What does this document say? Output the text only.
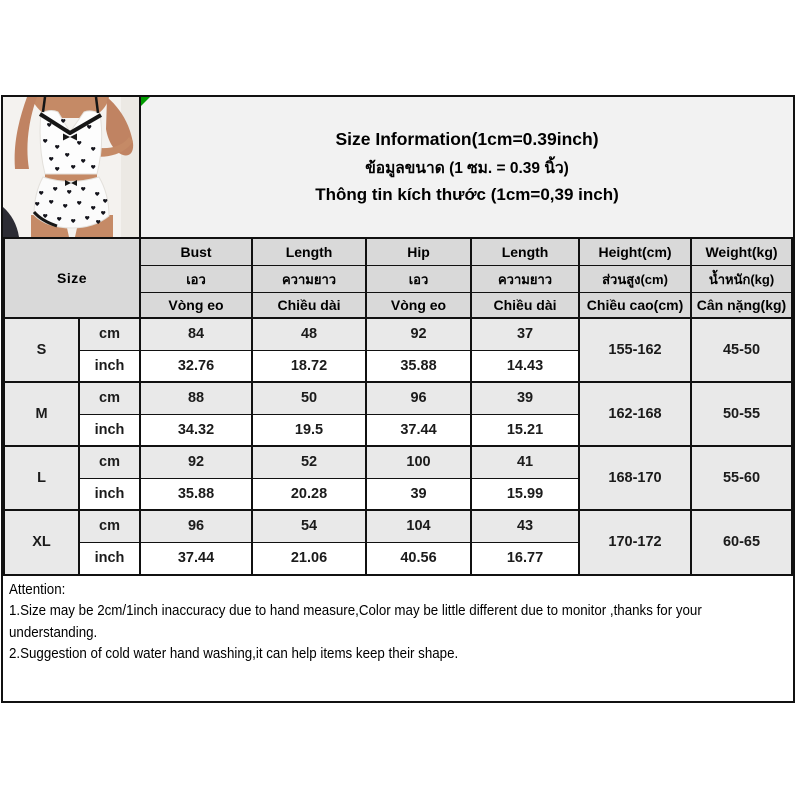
Size Information(1cm=0.39inch)
ข้อมูลขนาด (1 ซม. = 0.39 นิ้ว)
Thông tin kích thước (1cm=0,39 inch)
Size		Bust	Length	Hip	Length	Height(cm)	Weight(kg)
		เอว	ความยาว	เอว	ความยาว	ส่วนสูง(cm)	น้ำหนัก(kg)
		Vòng eo	Chiều dài	Vòng eo	Chiều dài	Chiều cao(cm)	Cân nặng(kg)
S	cm	84	48	92	37	155-162	45-50
	inch	32.76	18.72	35.88	14.43		
M	cm	88	50	96	39	162-168	50-55
	inch	34.32	19.5	37.44	15.21		
L	cm	92	52	100	41	168-170	55-60
	inch	35.88	20.28	39	15.99		
XL	cm	96	54	104	43	170-172	60-65
	inch	37.44	21.06	40.56	16.77		
Attention:
1.Size may be 2cm/1inch inaccuracy due to hand measure,Color may be little different due to monitor ,thanks for your understanding.
2.Suggestion of cold water hand washing,it can help items keep their shape.
